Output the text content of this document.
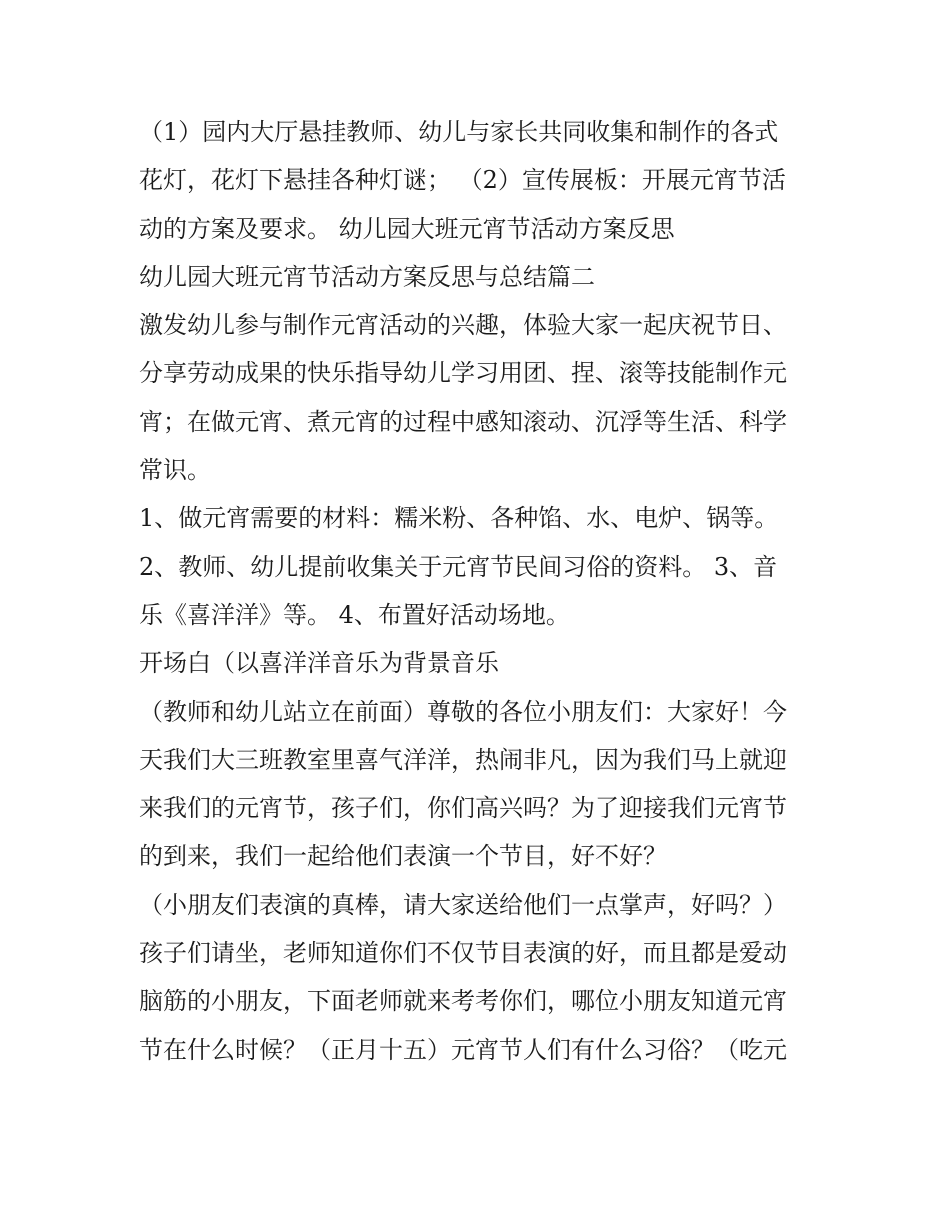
（1）园内大厅悬挂教师、幼儿与家长共同收集和制作的各式
花灯，花灯下悬挂各种灯谜； （2）宣传展板：开展元宵节活
动的方案及要求。 幼儿园大班元宵节活动方案反思
幼儿园大班元宵节活动方案反思与总结篇二
激发幼儿参与制作元宵活动的兴趣，体验大家一起庆祝节日、
分享劳动成果的快乐指导幼儿学习用团、捏、滚等技能制作元
宵；在做元宵、煮元宵的过程中感知滚动、沉浮等生活、科学
常识。
1、做元宵需要的材料：糯米粉、各种馅、水、电炉、锅等。
2、教师、幼儿提前收集关于元宵节民间习俗的资料。 3、音
乐《喜洋洋》等。 4、布置好活动场地。
开场白（以喜洋洋音乐为背景音乐
（教师和幼儿站立在前面）尊敬的各位小朋友们：大家好！今
天我们大三班教室里喜气洋洋，热闹非凡，因为我们马上就迎
来我们的元宵节，孩子们，你们高兴吗？为了迎接我们元宵节
的到来，我们一起给他们表演一个节目，好不好？
（小朋友们表演的真棒，请大家送给他们一点掌声，好吗？）
孩子们请坐，老师知道你们不仅节目表演的好，而且都是爱动
脑筋的小朋友，下面老师就来考考你们，哪位小朋友知道元宵
节在什么时候？（正月十五）元宵节人们有什么习俗？（吃元
